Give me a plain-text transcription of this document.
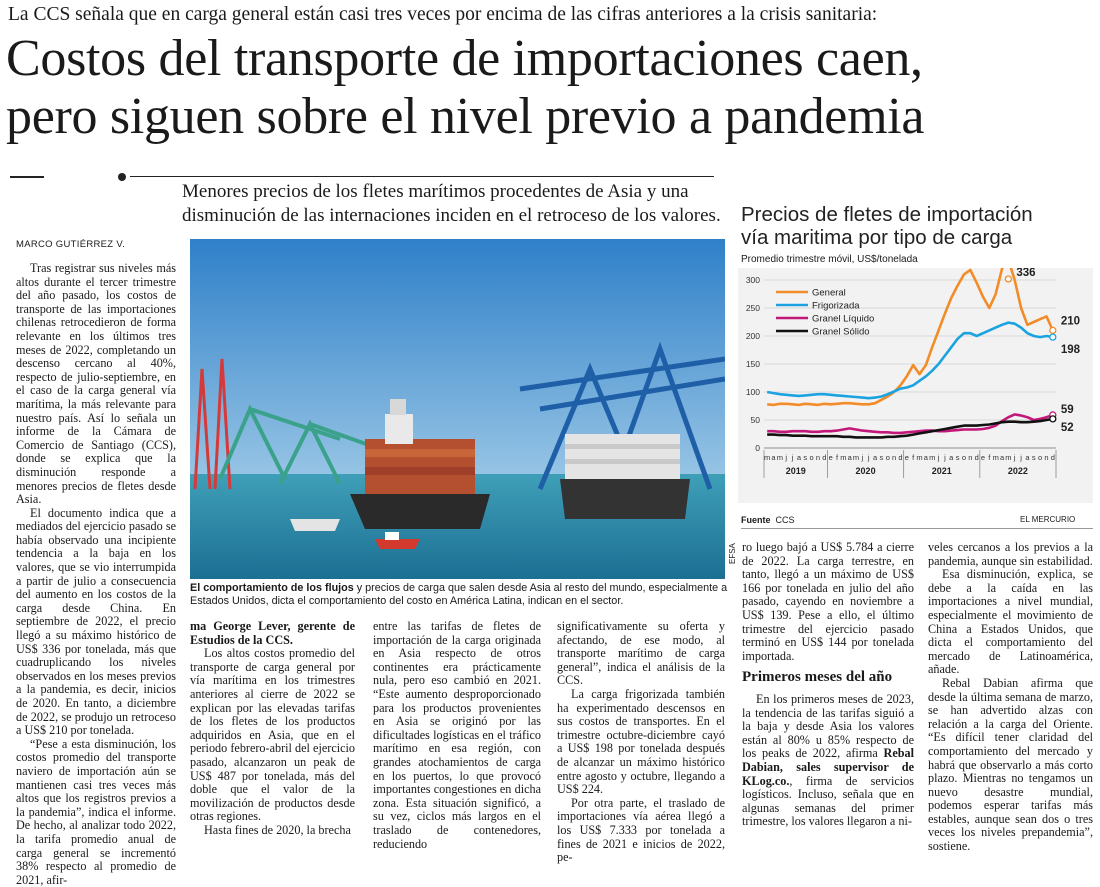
La CCS señala que en carga general están casi tres veces por encima de las cifras anteriores a la crisis sanitaria:
Costos del transporte de importaciones caen,
pero siguen sobre el nivel previo a pandemia
Menores precios de los fletes marítimos procedentes de Asia y una disminución de las internaciones inciden en el retroceso de los valores.
MARCO GUTIÉRREZ V.

Tras registrar sus niveles más altos durante el tercer trimestre del año pasado, los costos de transporte de las importaciones chilenas retrocedieron de forma relevante en los últimos tres meses de 2022, completando un descenso cercano al 40%, respecto de julio-septiembre, en el caso de la carga general vía marítima, la más relevante para nuestro país. Así lo señala un informe de la Cámara de Comercio de Santiago (CCS), donde se explica que la disminución responde a menores precios de fletes desde Asia.

El documento indica que a mediados del ejercicio pasado se había observado una incipiente tendencia a la baja en los valores, que se vio interrumpida a partir de julio a consecuencia del aumento en los costos de la carga desde China. En septiembre de 2022, el precio llegó a su máximo histórico de US$ 336 por tonelada, más que cuadruplicando los niveles observados en los meses previos a la pandemia, es decir, inicios de 2020. En tanto, a diciembre de 2022, se produjo un retroceso a US$ 210 por tonelada.

“Pese a esta disminución, los costos promedio del transporte naviero de importación aún se mantienen casi tres veces más altos que los registros previos a la pandemia”, indica el informe. De hecho, al analizar todo 2022, la tarifa promedio anual de carga general se incrementó 38% respecto al promedio de 2021, afir-

EFSA
El comportamiento de los flujos y precios de carga que salen desde Asia al resto del mundo, especialmente a Estados Unidos, dicta el comportamiento del costo en América Latina, indican en el sector.

ma George Lever, gerente de Estudios de la CCS.

Los altos costos promedio del transporte de carga general por vía marítima en los trimestres anteriores al cierre de 2022 se explican por las elevadas tarifas de los fletes de los productos adquiridos en Asia, que en el periodo febrero-abril del ejercicio pasado, alcanzaron un peak de US$ 487 por tonelada, más del doble que el valor de la movilización de productos desde otras regiones.

Hasta fines de 2020, la brecha

entre las tarifas de fletes de importación de la carga originada en Asia respecto de otros continentes era prácticamente nula, pero eso cambió en 2021. “Este aumento desproporcionado para los productos provenientes en Asia se originó por las dificultades logísticas en el tráfico marítimo en esa región, con grandes atochamientos de carga en los puertos, lo que provocó importantes congestiones en dicha zona. Esta situación significó, a su vez, ciclos más largos en el traslado de contenedores, reduciendo

significativamente su oferta y afectando, de ese modo, al transporte marítimo de carga general”, indica el análisis de la CCS.

La carga frigorizada también ha experimentado descensos en sus costos de transportes. En el trimestre octubre-diciembre cayó a US$ 198 por tonelada después de alcanzar un máximo histórico entre agosto y octubre, llegando a US$ 224.

Por otra parte, el traslado de importaciones vía aérea llegó a los US$ 7.333 por tonelada a fines de 2021 e inicios de 2022, pe-

ro luego bajó a US$ 5.784 a cierre de 2022. La carga terrestre, en tanto, llegó a un máximo de US$ 166 por tonelada en julio del año pasado, cayendo en noviembre a US$ 139. Pese a ello, el último trimestre del ejercicio pasado terminó en US$ 144 por tonelada importada.

Primeros meses del año

En los primeros meses de 2023, la tendencia de las tarifas siguió a la baja y desde Asia los valores están al 80% u 85% respecto de los peaks de 2022, afirma Rebal Dabian, sales supervisor de KLog.co., firma de servicios logísticos. Incluso, señala que en algunas semanas del primer trimestre, los valores llegaron a ni-

veles cercanos a los previos a la pandemia, aunque sin estabilidad.

Esa disminución, explica, se debe a la caída en las importaciones a nivel mundial, especialmente el movimiento de China a Estados Unidos, que dicta el comportamiento del mercado de Latinoamérica, añade.

Rebal Dabian afirma que desde la última semana de marzo, se han advertido alzas con relación a la carga del Oriente. “Es difícil tener claridad del comportamiento del mercado y habrá que observarlo a más corto plazo. Mientras no tengamos un nuevo desastre mundial, podemos esperar tarifas más estables, aunque sean dos o tres veces los niveles prepandemia”, sostiene.

Precios de fletes de importación
vía maritima por tipo de carga
Promedio trimestre móvil, US$/tonelada
0
50
100
150
200
250
300
m a m j j a s o n d e f m a m j j a s o n d e f m a m j j a s o n d e f m a m j j a s o n d
2019	2020	2021	2022
210
336
198
59
52
General
Frigorizada
Granel Líquido
Granel Sólido
Fuente CCS	EL MERCURIO
